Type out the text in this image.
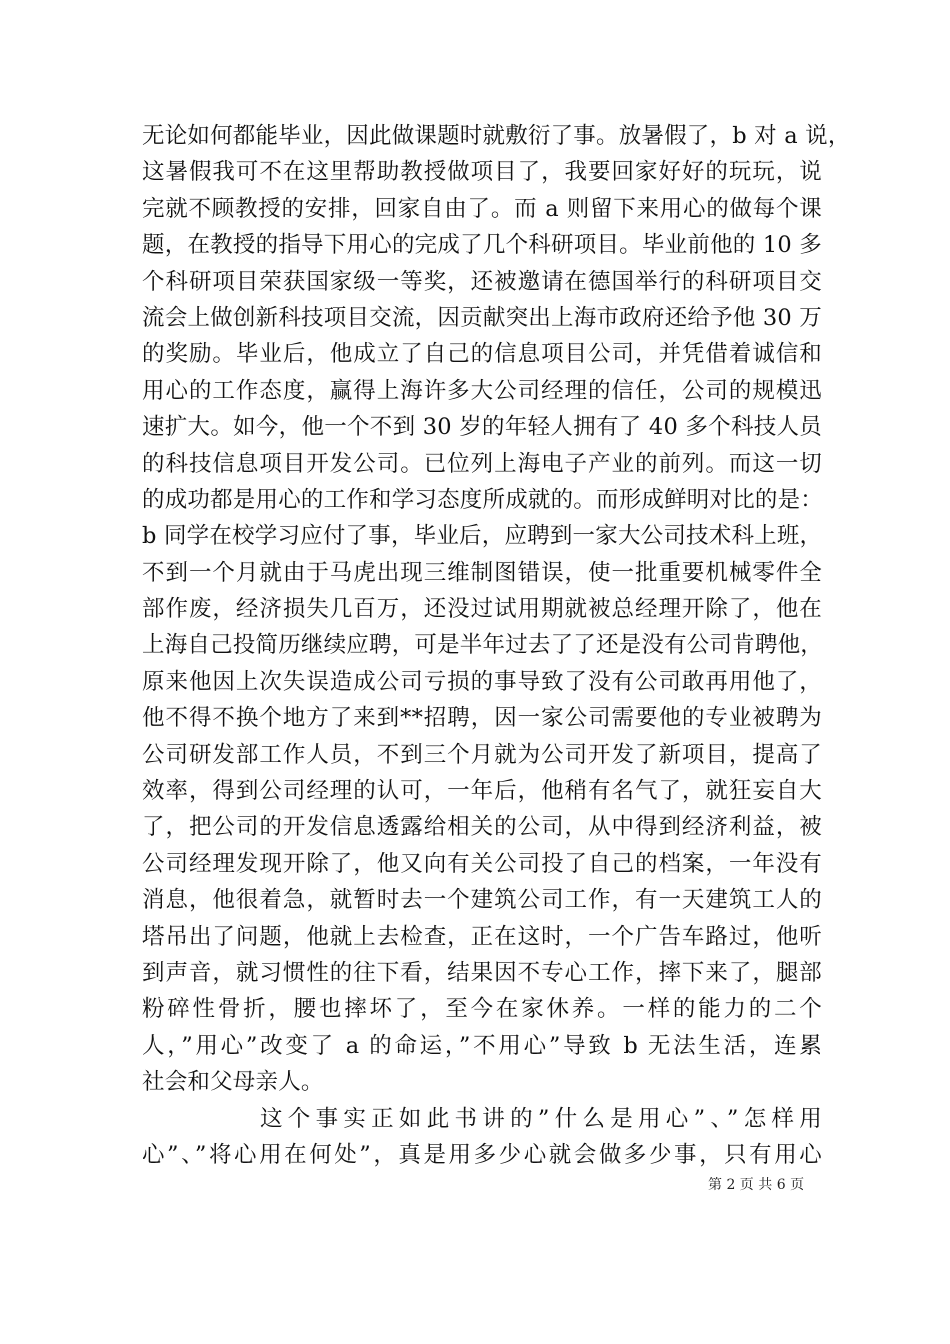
无论如何都能毕业，因此做课题时就敷衍了事。放暑假了，b 对 a 说，
这暑假我可不在这里帮助教授做项目了，我要回家好好的玩玩，说
完就不顾教授的安排，回家自由了。而 a 则留下来用心的做每个课
题，在教授的指导下用心的完成了几个科研项目。毕业前他的 10 多
个科研项目荣获国家级一等奖，还被邀请在德国举行的科研项目交
流会上做创新科技项目交流，因贡献突出上海市政府还给予他 30 万
的奖励。毕业后，他成立了自己的信息项目公司，并凭借着诚信和
用心的工作态度，赢得上海许多大公司经理的信任，公司的规模迅
速扩大。如今，他一个不到 30 岁的年轻人拥有了 40 多个科技人员
的科技信息项目开发公司。已位列上海电子产业的前列。而这一切
的成功都是用心的工作和学习态度所成就的。而形成鲜明对比的是：
b 同学在校学习应付了事，毕业后，应聘到一家大公司技术科上班，
不到一个月就由于马虎出现三维制图错误，使一批重要机械零件全
部作废，经济损失几百万，还没过试用期就被总经理开除了，他在
上海自己投简历继续应聘，可是半年过去了了还是没有公司肯聘他，
原来他因上次失误造成公司亏损的事导致了没有公司敢再用他了，
他不得不换个地方了来到**招聘，因一家公司需要他的专业被聘为
公司研发部工作人员，不到三个月就为公司开发了新项目，提高了
效率，得到公司经理的认可，一年后，他稍有名气了，就狂妄自大
了，把公司的开发信息透露给相关的公司，从中得到经济利益，被
公司经理发现开除了，他又向有关公司投了自己的档案，一年没有
消息，他很着急，就暂时去一个建筑公司工作，有一天建筑工人的
塔吊出了问题，他就上去检查，正在这时，一个广告车路过，他听
到声音，就习惯性的往下看，结果因不专心工作，摔下来了，腿部
粉碎性骨折，腰也摔坏了，至今在家休养。一样的能力的二个
人，”用心”改变了 a 的命运，”不用心”导致 b 无法生活，连累
社会和父母亲人。
这个事实正如此书讲的”什么是用心”、”怎样用
心”、”将心用在何处”，真是用多少心就会做多少事，只有用心
第 2 页 共 6 页
